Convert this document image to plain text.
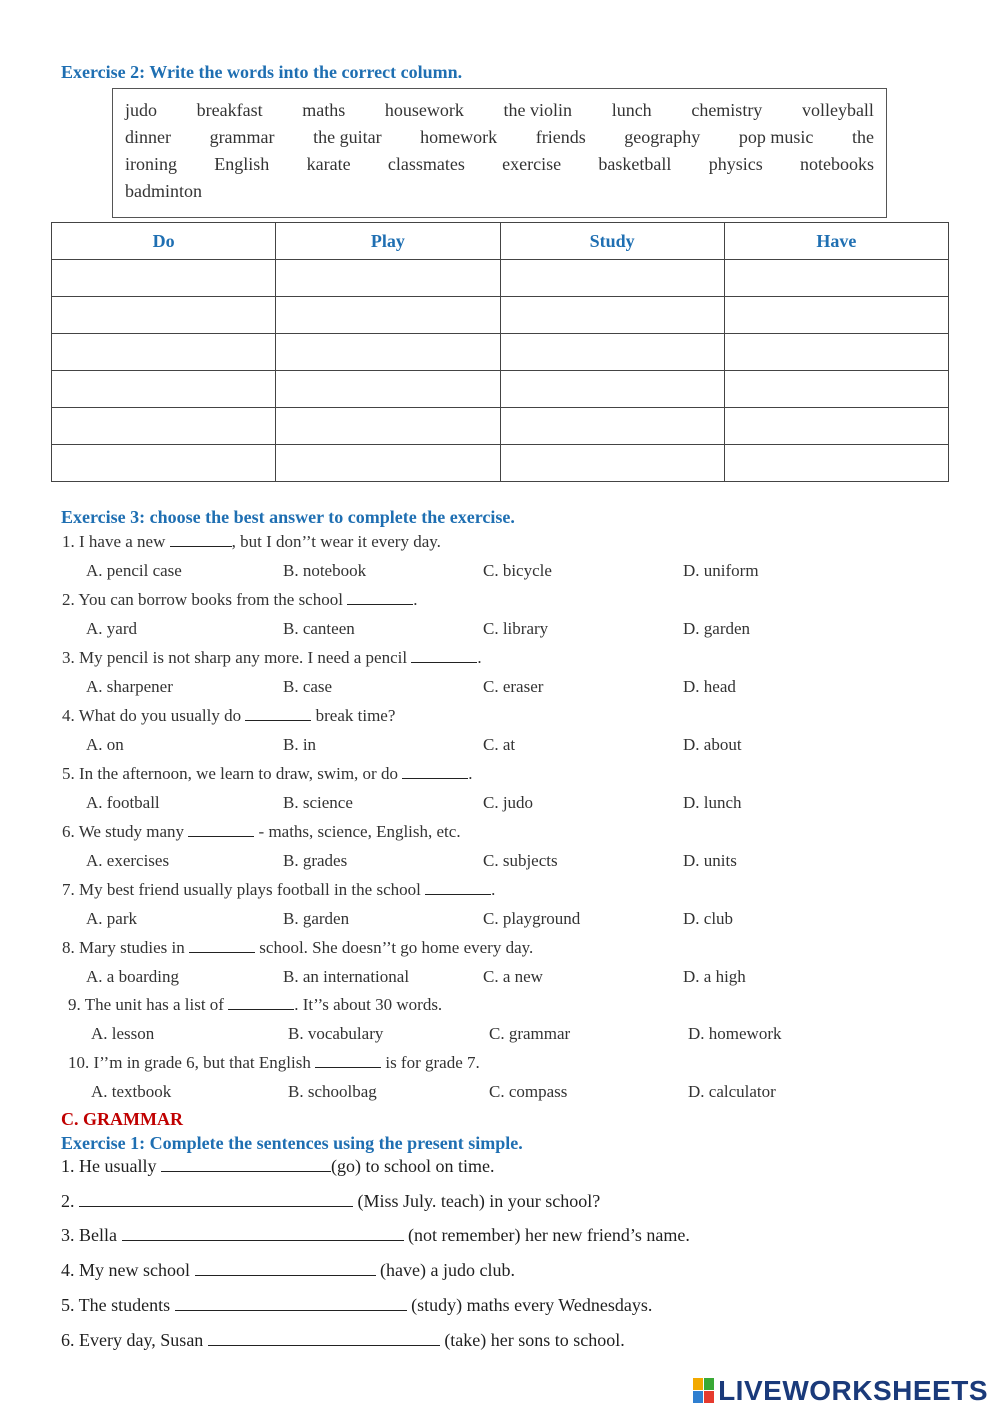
Exercise 2: Write the words into the correct column.
judo breakfast maths housework the violin lunch chemistry volleyball
dinner grammar the guitar homework friends geography pop music the
ironing English karate classmates exercise basketball physics notebooks
badminton
Do	Play	Study	Have

Exercise 3: choose the best answer to complete the exercise.
1. I have a new	, but I don’’t wear it every day.
A. pencil case	B. notebook	C. bicycle	D. uniform
2. You can borrow books from the school	.
A. yard	B. canteen	C. library	D. garden
3. My pencil is not sharp any more. I need a pencil	.
A. sharpener	B. case	C. eraser	D. head
4. What do you usually do	break time?
A. on	B. in	C. at	D. about
5. In the afternoon, we learn to draw, swim, or do	.
A. football	B. science	C. judo	D. lunch
6. We study many	- maths, science, English, etc.
A. exercises	B. grades	C. subjects	D. units
7. My best friend usually plays football in the school	.
A. park	B. garden	C. playground	D. club
8. Mary studies in	school. She doesn’’t go home every day.
A. a boarding	B. an international	C. a new	D. a high
9. The unit has a list of	. It’’s about 30 words.
A. lesson	B. vocabulary	C. grammar	D. homework
10. I’’m in grade 6, but that English	is for grade 7.
A. textbook	B. schoolbag	C. compass	D. calculator
C. GRAMMAR
Exercise 1: Complete the sentences using the present simple.
1. He usually	(go) to school on time.
2.	(Miss July. teach) in your school?
3. Bella	(not remember) her new friend’s name.
4. My new school	(have) a judo club.
5. The students	(study) maths every Wednesdays.
6. Every day, Susan	(take) her sons to school.
LIVEWORKSHEETS
